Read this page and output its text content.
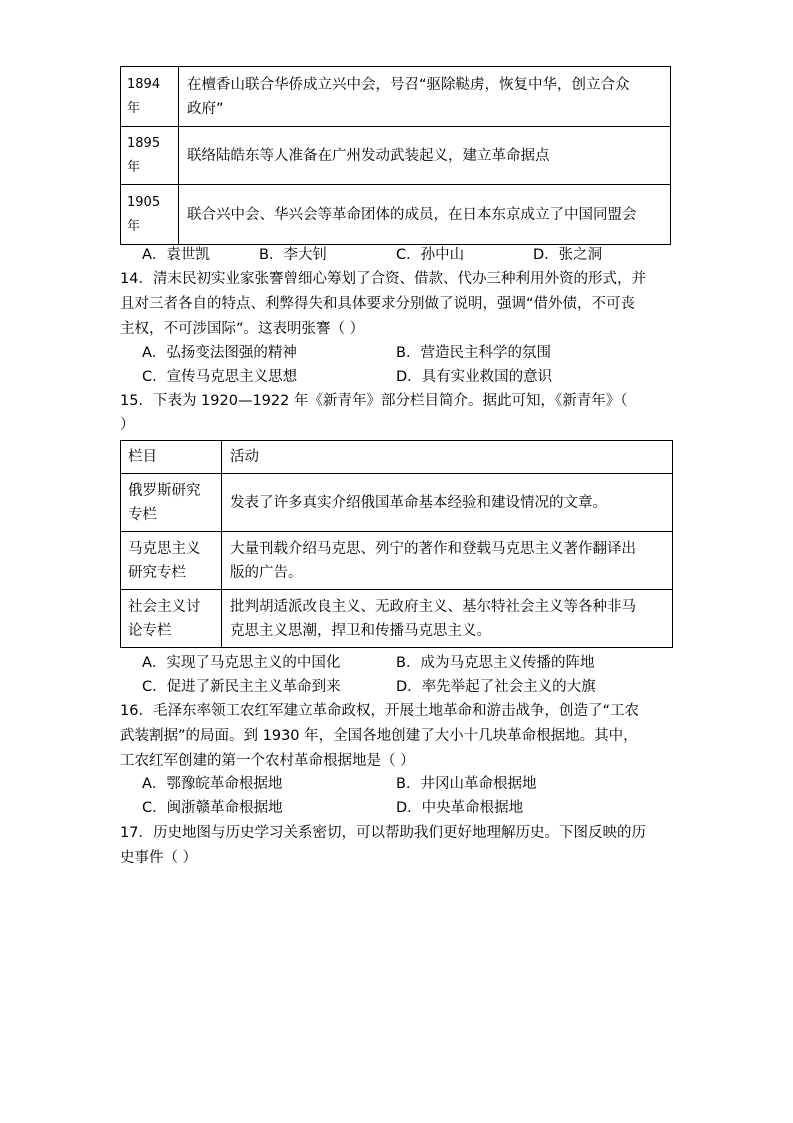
1894
年	在檀香山联合华侨成立兴中会，号召“驱除鞑虏，恢复中华，创立合众
政府”
1895
年	联络陆皓东等人准备在广州发动武装起义，建立革命据点
1905
年	联合兴中会、华兴会等革命团体的成员，在日本东京成立了中国同盟会
A．袁世凯	B．李大钊	C．孙中山	D．张之洞
14．清末民初实业家张謇曾细心筹划了合资、借款、代办三种利用外资的形式，并
且对三者各自的特点、利弊得失和具体要求分别做了说明，强调“借外债，不可丧
主权，不可涉国际”。这表明张謇（ ）
A．弘扬变法图强的精神	B．营造民主科学的氛围
C．宣传马克思主义思想	D．具有实业救国的意识
15．下表为 1920—1922 年《新青年》部分栏目简介。据此可知，《新青年》（
）
栏目	活动
俄罗斯研究
专栏	发表了许多真实介绍俄国革命基本经验和建设情况的文章。
马克思主义
研究专栏	大量刊载介绍马克思、列宁的著作和登载马克思主义著作翻译出
版的广告。
社会主义讨
论专栏	批判胡适派改良主义、无政府主义、基尔特社会主义等各种非马
克思主义思潮，捍卫和传播马克思主义。
A．实现了马克思主义的中国化	B．成为马克思主义传播的阵地
C．促进了新民主主义革命到来	D．率先举起了社会主义的大旗
16．毛泽东率领工农红军建立革命政权，开展土地革命和游击战争，创造了“工农
武装割据”的局面。到 1930 年，全国各地创建了大小十几块革命根据地。其中，
工农红军创建的第一个农村革命根据地是（ ）
A．鄂豫皖革命根据地	B．井冈山革命根据地
C．闽浙赣革命根据地	D．中央革命根据地
17．历史地图与历史学习关系密切，可以帮助我们更好地理解历史。下图反映的历
史事件（ ）
